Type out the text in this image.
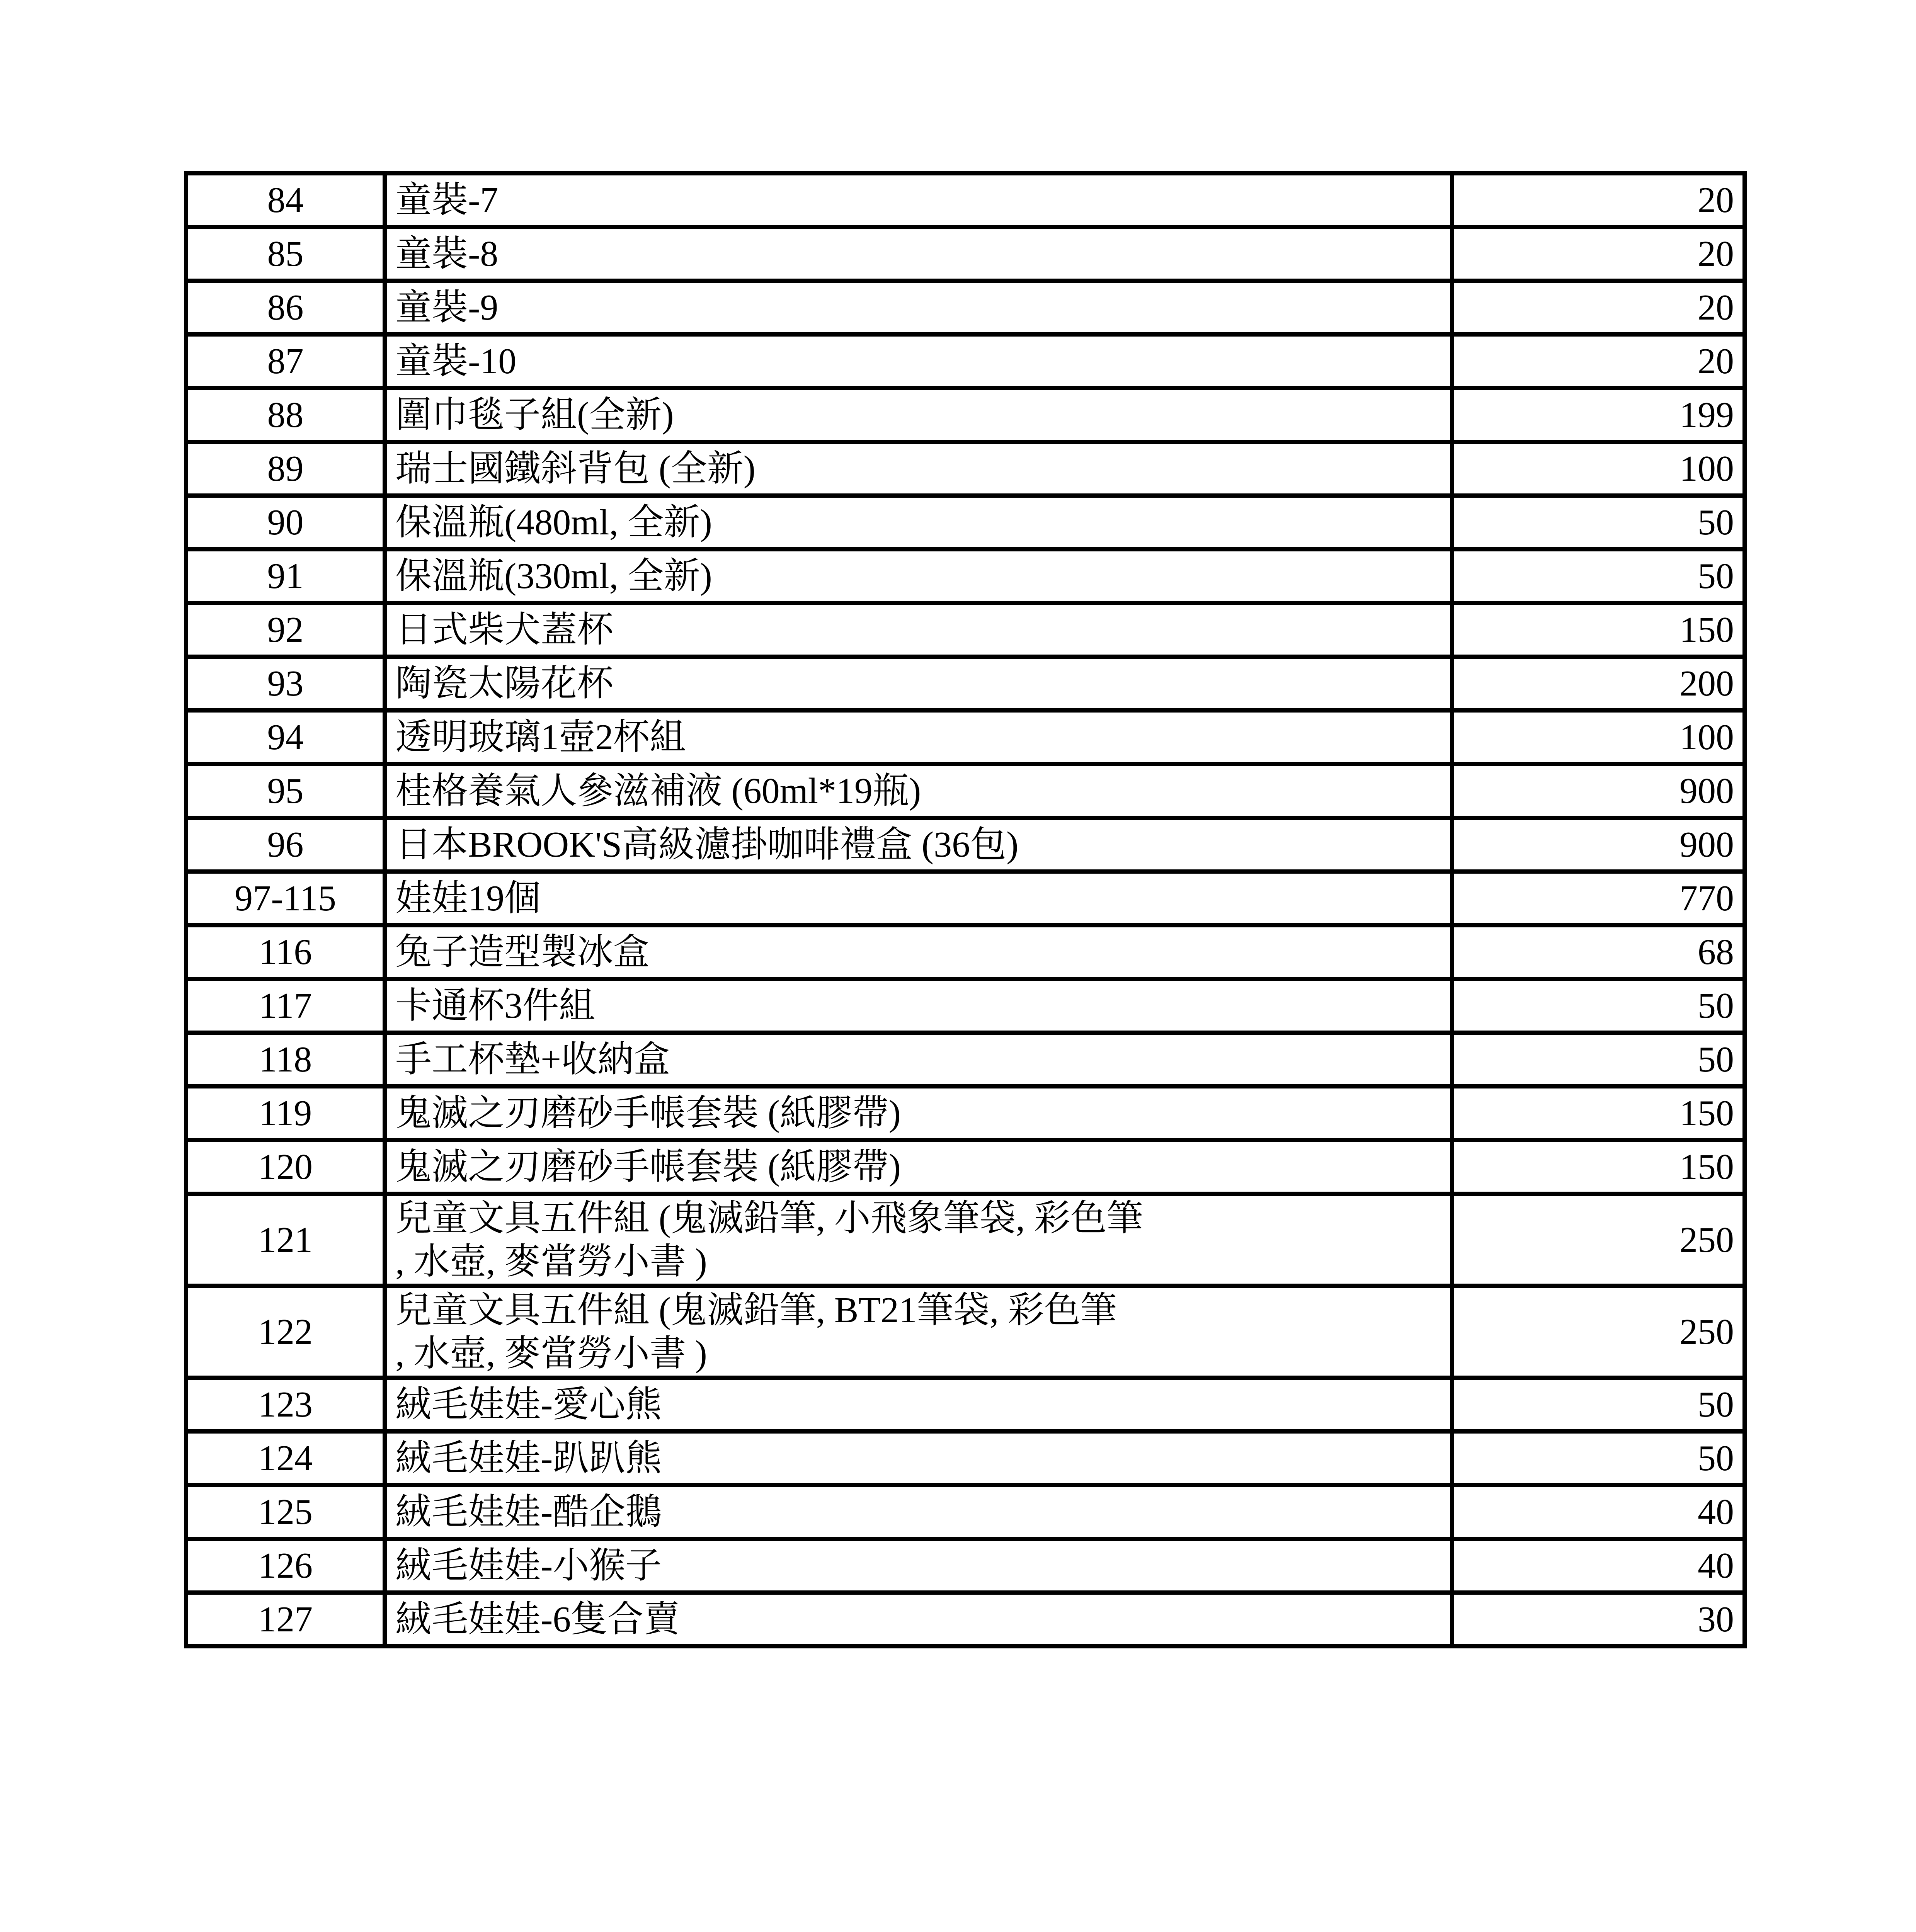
84	童裝-7	20
85	童裝-8	20
86	童裝-9	20
87	童裝-10	20
88	圍巾毯子組(全新)	199
89	瑞士國鐵斜背包 (全新)	100
90	保溫瓶(480ml, 全新)	50
91	保溫瓶(330ml, 全新)	50
92	日式柴犬蓋杯	150
93	陶瓷太陽花杯	200
94	透明玻璃1壺2杯組	100
95	桂格養氣人參滋補液 (60ml*19瓶)	900
96	日本BROOK'S高級濾掛咖啡禮盒 (36包)	900
97-115	娃娃19個	770
116	兔子造型製冰盒	68
117	卡通杯3件組	50
118	手工杯墊+收納盒	50
119	鬼滅之刃磨砂手帳套裝 (紙膠帶)	150
120	鬼滅之刃磨砂手帳套裝 (紙膠帶)	150
121	兒童文具五件組 (鬼滅鉛筆, 小飛象筆袋, 彩色筆
, 水壺, 麥當勞小書 )	250
122	兒童文具五件組 (鬼滅鉛筆, BT21筆袋, 彩色筆
, 水壺, 麥當勞小書 )	250
123	絨毛娃娃-愛心熊	50
124	絨毛娃娃-趴趴熊	50
125	絨毛娃娃-酷企鵝	40
126	絨毛娃娃-小猴子	40
127	絨毛娃娃-6隻合賣	30
